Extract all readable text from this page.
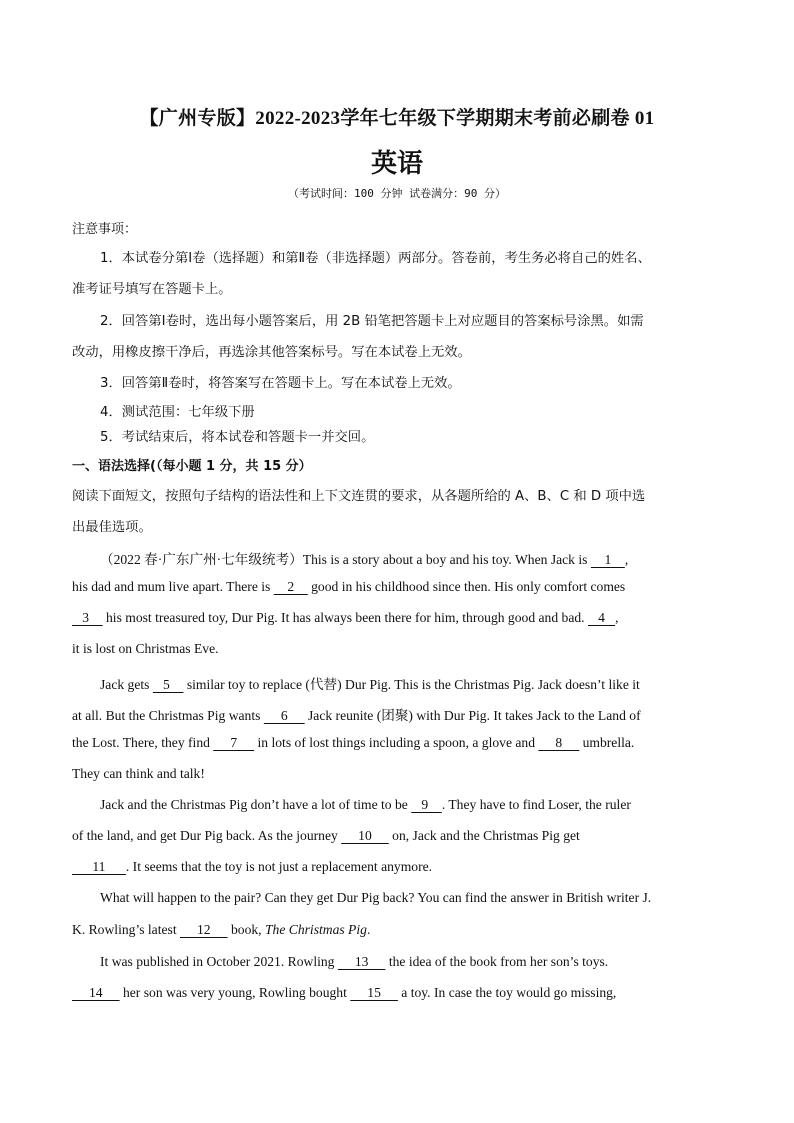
【广州专版】2022-2023学年七年级下学期期末考前必刷卷 01
英语
（考试时间：100 分钟 试卷满分：90 分）
注意事项：
1．本试卷分第Ⅰ卷（选择题）和第Ⅱ卷（非选择题）两部分。答卷前，考生务必将自己的姓名、
准考证号填写在答题卡上。
2．回答第Ⅰ卷时，选出每小题答案后，用 2B 铅笔把答题卡上对应题目的答案标号涂黑。如需
改动，用橡皮擦干净后，再选涂其他答案标号。写在本试卷上无效。
3．回答第Ⅱ卷时，将答案写在答题卡上。写在本试卷上无效。
4．测试范围：七年级下册
5．考试结束后，将本试卷和答题卡一并交回。
一、语法选择(（每小题 1 分，共 15 分）
阅读下面短文，按照句子结构的语法性和上下文连贯的要求，从各题所给的 A、B、C 和 D 项中选
出最佳选项。
（2022 春·广东广州·七年级统考）This is a story about a boy and his toy. When Jack is     1    ,
his dad and mum live apart. There is     2     good in his childhood since then. His only comfort comes
3     his most treasured toy, Dur Pig. It has always been there for him, through good and bad.    4   ,
it is lost on Christmas Eve.
Jack gets    5     similar toy to replace (代替) Dur Pig. This is the Christmas Pig. Jack doesn’t like it
at all. But the Christmas Pig wants      6      Jack reunite (团聚) with Dur Pig. It takes Jack to the Land of
the Lost. There, they find      7      in lots of lost things including a spoon, a glove and      8      umbrella.
They can think and talk!
Jack and the Christmas Pig don’t have a lot of time to be    9    . They have to find Loser, the ruler
of the land, and get Dur Pig back. As the journey      10      on, Jack and the Christmas Pig get
11      . It seems that the toy is not just a replacement anymore.
What will happen to the pair? Can they get Dur Pig back? You can find the answer in British writer J.
K. Rowling’s latest      12      book, The Christmas Pig.
It was published in October 2021. Rowling      13      the idea of the book from her son’s toys.
14      her son was very young, Rowling bought      15      a toy. In case the toy would go missing,
